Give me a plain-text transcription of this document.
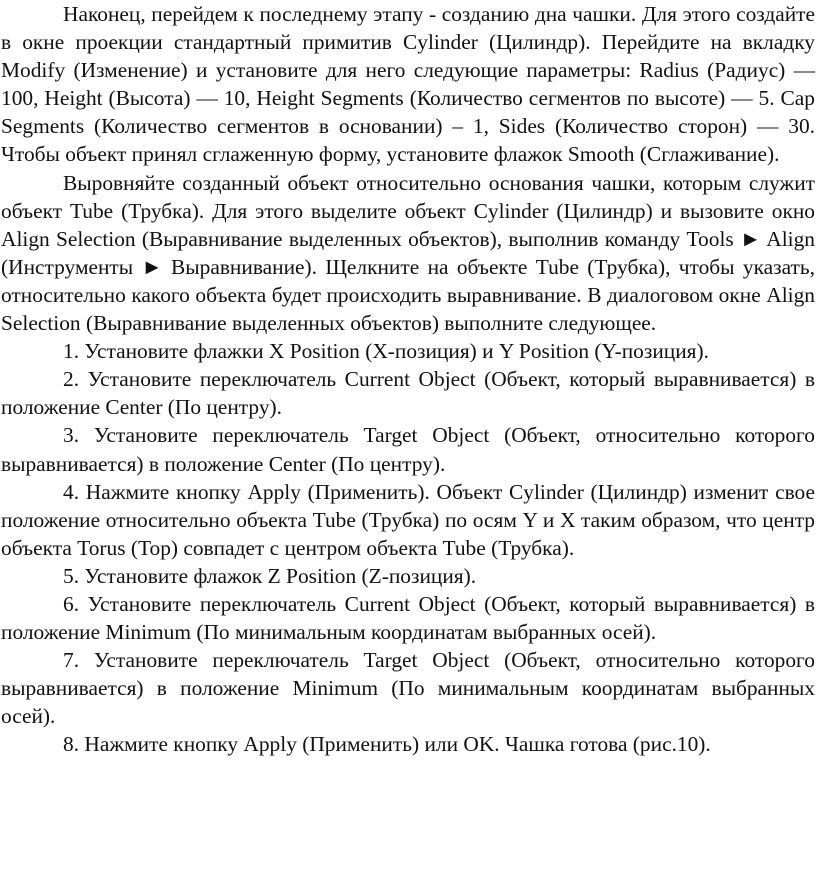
Наконец, перейдем к последнему этапу - созданию дна чашки. Для этого создайте в окне проекции стандартный примитив Cylinder (Цилиндр). Перейдите на вкладку Modify (Изменение) и установите для него следующие параметры: Radius (Радиус) — 100, Height (Высота) — 10, Height Segments (Количество сегментов по высоте) — 5. Cap Segments (Количество сегментов в основании) – 1, Sides (Количество сторон) — 30. Чтобы объект принял сглаженную форму, установите флажок Smooth (Сглаживание).

Выровняйте созданный объект относительно основания чашки, которым служит объект Tube (Трубка). Для этого выделите объект Cylinder (Цилиндр) и вызовите окно Align Selection (Выравнивание выделенных объектов), выполнив команду Tools ► Align (Инструменты ► Выравнивание). Щелкните на объекте Tube (Трубка), чтобы указать, относительно какого объекта будет происходить выравнивание. В диалоговом окне Align Selection (Выравнивание выделенных объектов) выполните следующее.

1. Установите флажки X Position (X-позиция) и Y Position (Y-позиция).

2. Установите переключатель Current Object (Объект, который выравнивается) в положение Center (По центру).

3. Установите переключатель Target Object (Объект, относительно которого выравнивается) в положение Center (По центру).

4. Нажмите кнопку Apply (Применить). Объект Cylinder (Цилиндр) изменит свое положение относительно объекта Tube (Трубка) по осям Y и X таким образом, что центр объекта Torus (Тор) совпадет с центром объекта Tube (Трубка).

5. Установите флажок Z Position (Z-позиция).

6. Установите переключатель Current Object (Объект, который выравнивается) в положение Minimum (По минимальным координатам выбранных осей).

7. Установите переключатель Target Object (Объект, относительно которого выравнивается) в положение Minimum (По минимальным координатам выбранных осей).

8. Нажмите кнопку Apply (Применить) или OK. Чашка готова (рис.10).
